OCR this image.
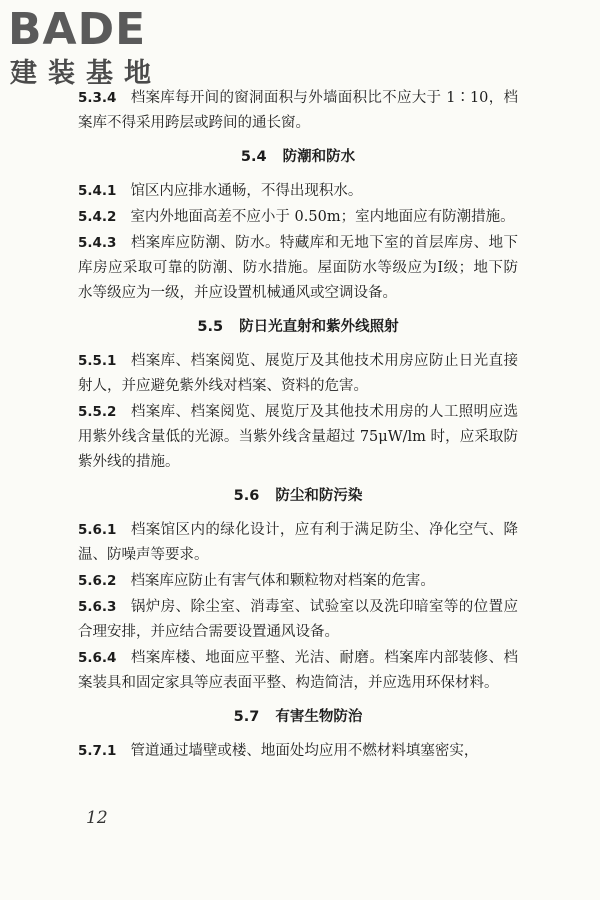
BADE
建装基地

5.3.4 档案库每开间的窗洞面积与外墙面积比不应大于 1∶10，档案库不得采用跨层或跨间的通长窗。

5.4 防潮和防水

5.4.1 馆区内应排水通畅，不得出现积水。

5.4.2 室内外地面高差不应小于 0.50m；室内地面应有防潮措施。

5.4.3 档案库应防潮、防水。特藏库和无地下室的首层库房、地下库房应采取可靠的防潮、防水措施。屋面防水等级应为Ⅰ级；地下防水等级应为一级，并应设置机械通风或空调设备。

5.5 防日光直射和紫外线照射

5.5.1 档案库、档案阅览、展览厅及其他技术用房应防止日光直接射人，并应避免紫外线对档案、资料的危害。

5.5.2 档案库、档案阅览、展览厅及其他技术用房的人工照明应选用紫外线含量低的光源。当紫外线含量超过 75μW/lm 时，应采取防紫外线的措施。

5.6 防尘和防污染

5.6.1 档案馆区内的绿化设计，应有利于满足防尘、净化空气、降温、防噪声等要求。

5.6.2 档案库应防止有害气体和颗粒物对档案的危害。

5.6.3 锅炉房、除尘室、消毒室、试验室以及洗印暗室等的位置应合理安排，并应结合需要设置通风设备。

5.6.4 档案库楼、地面应平整、光洁、耐磨。档案库内部装修、档案装具和固定家具等应表面平整、构造简洁，并应选用环保材料。

5.7 有害生物防治

5.7.1 管道通过墙壁或楼、地面处均应用不燃材料填塞密实，

12
